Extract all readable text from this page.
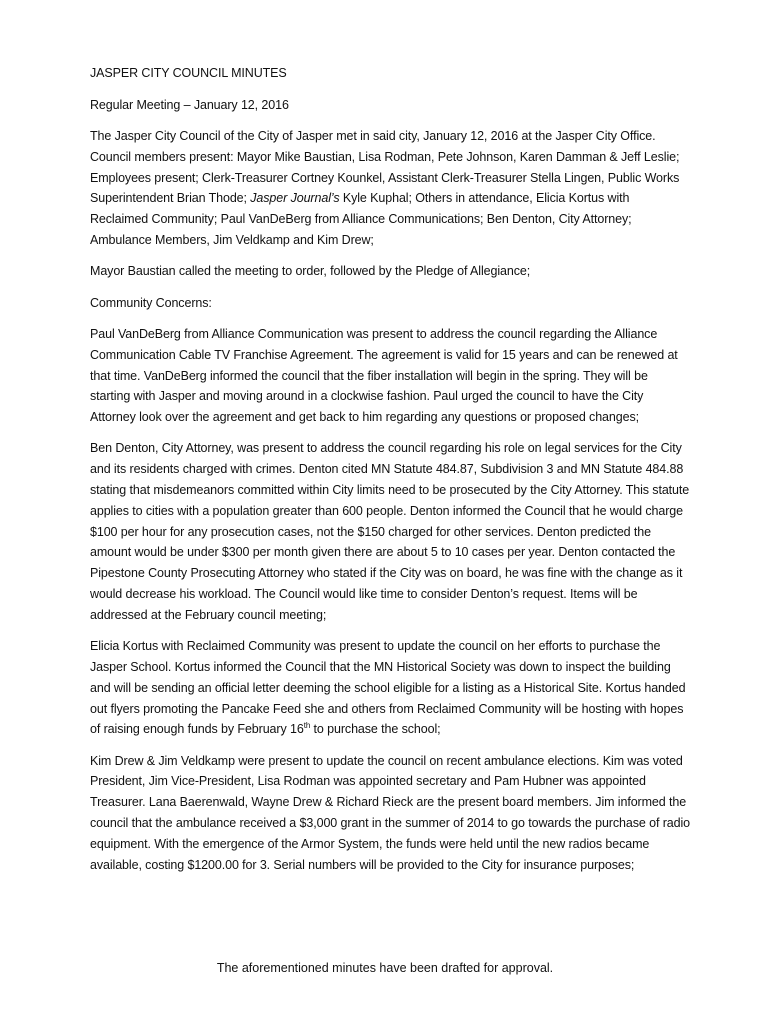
JASPER CITY COUNCIL MINUTES

Regular Meeting – January 12, 2016

The Jasper City Council of the City of Jasper met in said city, January 12, 2016 at the Jasper City Office. Council members present: Mayor Mike Baustian, Lisa Rodman, Pete Johnson, Karen Damman & Jeff Leslie; Employees present; Clerk-Treasurer Cortney Kounkel, Assistant Clerk-Treasurer Stella Lingen, Public Works Superintendent Brian Thode; Jasper Journal’s Kyle Kuphal; Others in attendance, Elicia Kortus with Reclaimed Community; Paul VanDeBerg from Alliance Communications; Ben Denton, City Attorney; Ambulance Members, Jim Veldkamp and Kim Drew;

Mayor Baustian called the meeting to order, followed by the Pledge of Allegiance;

Community Concerns:

Paul VanDeBerg from Alliance Communication was present to address the council regarding the Alliance Communication Cable TV Franchise Agreement. The agreement is valid for 15 years and can be renewed at that time. VanDeBerg informed the council that the fiber installation will begin in the spring. They will be starting with Jasper and moving around in a clockwise fashion. Paul urged the council to have the City Attorney look over the agreement and get back to him regarding any questions or proposed changes;

Ben Denton, City Attorney, was present to address the council regarding his role on legal services for the City and its residents charged with crimes. Denton cited MN Statute 484.87, Subdivision 3 and MN Statute 484.88 stating that misdemeanors committed within City limits need to be prosecuted by the City Attorney. This statute applies to cities with a population greater than 600 people. Denton informed the Council that he would charge $100 per hour for any prosecution cases, not the $150 charged for other services. Denton predicted the amount would be under $300 per month given there are about 5 to 10 cases per year. Denton contacted the Pipestone County Prosecuting Attorney who stated if the City was on board, he was fine with the change as it would decrease his workload. The Council would like time to consider Denton’s request. Items will be addressed at the February council meeting;

Elicia Kortus with Reclaimed Community was present to update the council on her efforts to purchase the Jasper School. Kortus informed the Council that the MN Historical Society was down to inspect the building and will be sending an official letter deeming the school eligible for a listing as a Historical Site. Kortus handed out flyers promoting the Pancake Feed she and others from Reclaimed Community will be hosting with hopes of raising enough funds by February 16th to purchase the school;

Kim Drew & Jim Veldkamp were present to update the council on recent ambulance elections. Kim was voted President, Jim Vice-President, Lisa Rodman was appointed secretary and Pam Hubner was appointed Treasurer. Lana Baerenwald, Wayne Drew & Richard Rieck are the present board members. Jim informed the council that the ambulance received a $3,000 grant in the summer of 2014 to go towards the purchase of radio equipment. With the emergence of the Armor System, the funds were held until the new radios became available, costing $1200.00 for 3. Serial numbers will be provided to the City for insurance purposes;

The aforementioned minutes have been drafted for approval.
